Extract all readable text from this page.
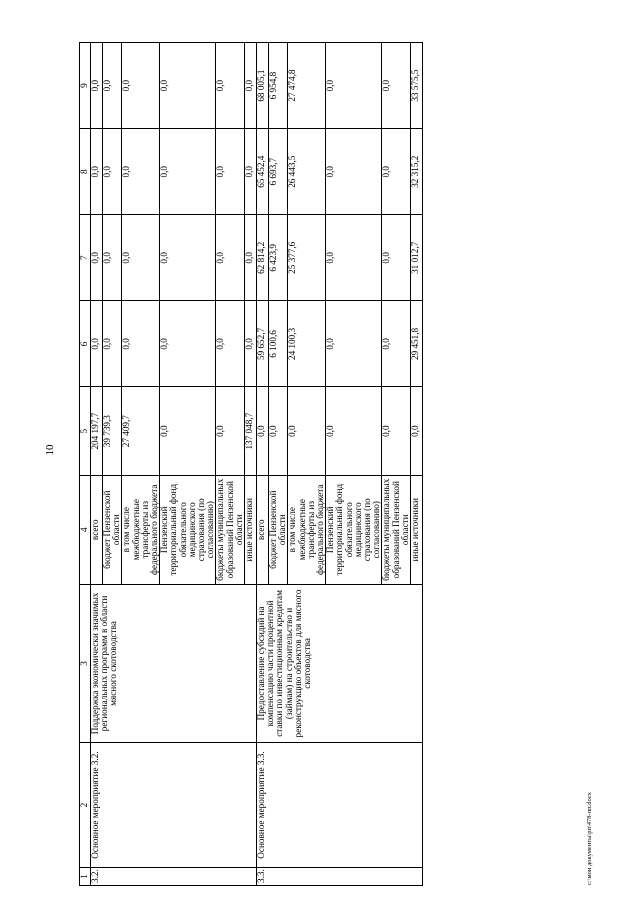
10
1	2	3	4	5	6	7	8	9
3.2.	Основное мероприятие 3.2.	Поддержка экономически значимых региональных программ в области мясного скотоводства	всего	204 197,7	0,0	0,0	0,0	0,0
			бюджет Пензенской области	39 739,3	0,0	0,0	0,0	0,0
			в том числе межбюджетные трансферты из федерального бюджета	27 409,7	0,0	0,0	0,0	0,0
			Пензенский территориальный фонд обязательного медицинского страхования (по согласованию)	0,0	0,0	0,0	0,0	0,0
			бюджеты муниципальных образований Пензенской области	0,0	0,0	0,0	0,0	0,0
			иные источники	137 048,7	0,0	0,0	0,0	0,0
3.3.	Основное мероприятие 3.3.	Предоставление субсидий на компенсацию части процентной ставки по инвестиционным кредитам (займам) на строительство и реконструкцию объектов для мясного скотоводства	всего	0,0	59 652,7	62 814,2	65 452,4	68 005,1
			бюджет Пензенской области	0,0	6 100,6	6 423,9	6 693,7	6 954,8
			в том числе межбюджетные трансферты из федерального бюджета	0,0	24 100,3	25 377,6	26 443,5	27 474,8
			Пензенский территориальный фонд обязательного медицинского страхования (по согласованию)	0,0	0,0	0,0	0,0	0,0
			бюджеты муниципальных образований Пензенской области	0,0	0,0	0,0	0,0	0,0
			иные источники	0,0	29 451,8	31 012,7	32 315,2	33 575,5
c:\мои документы\рп\478-пп.docx
